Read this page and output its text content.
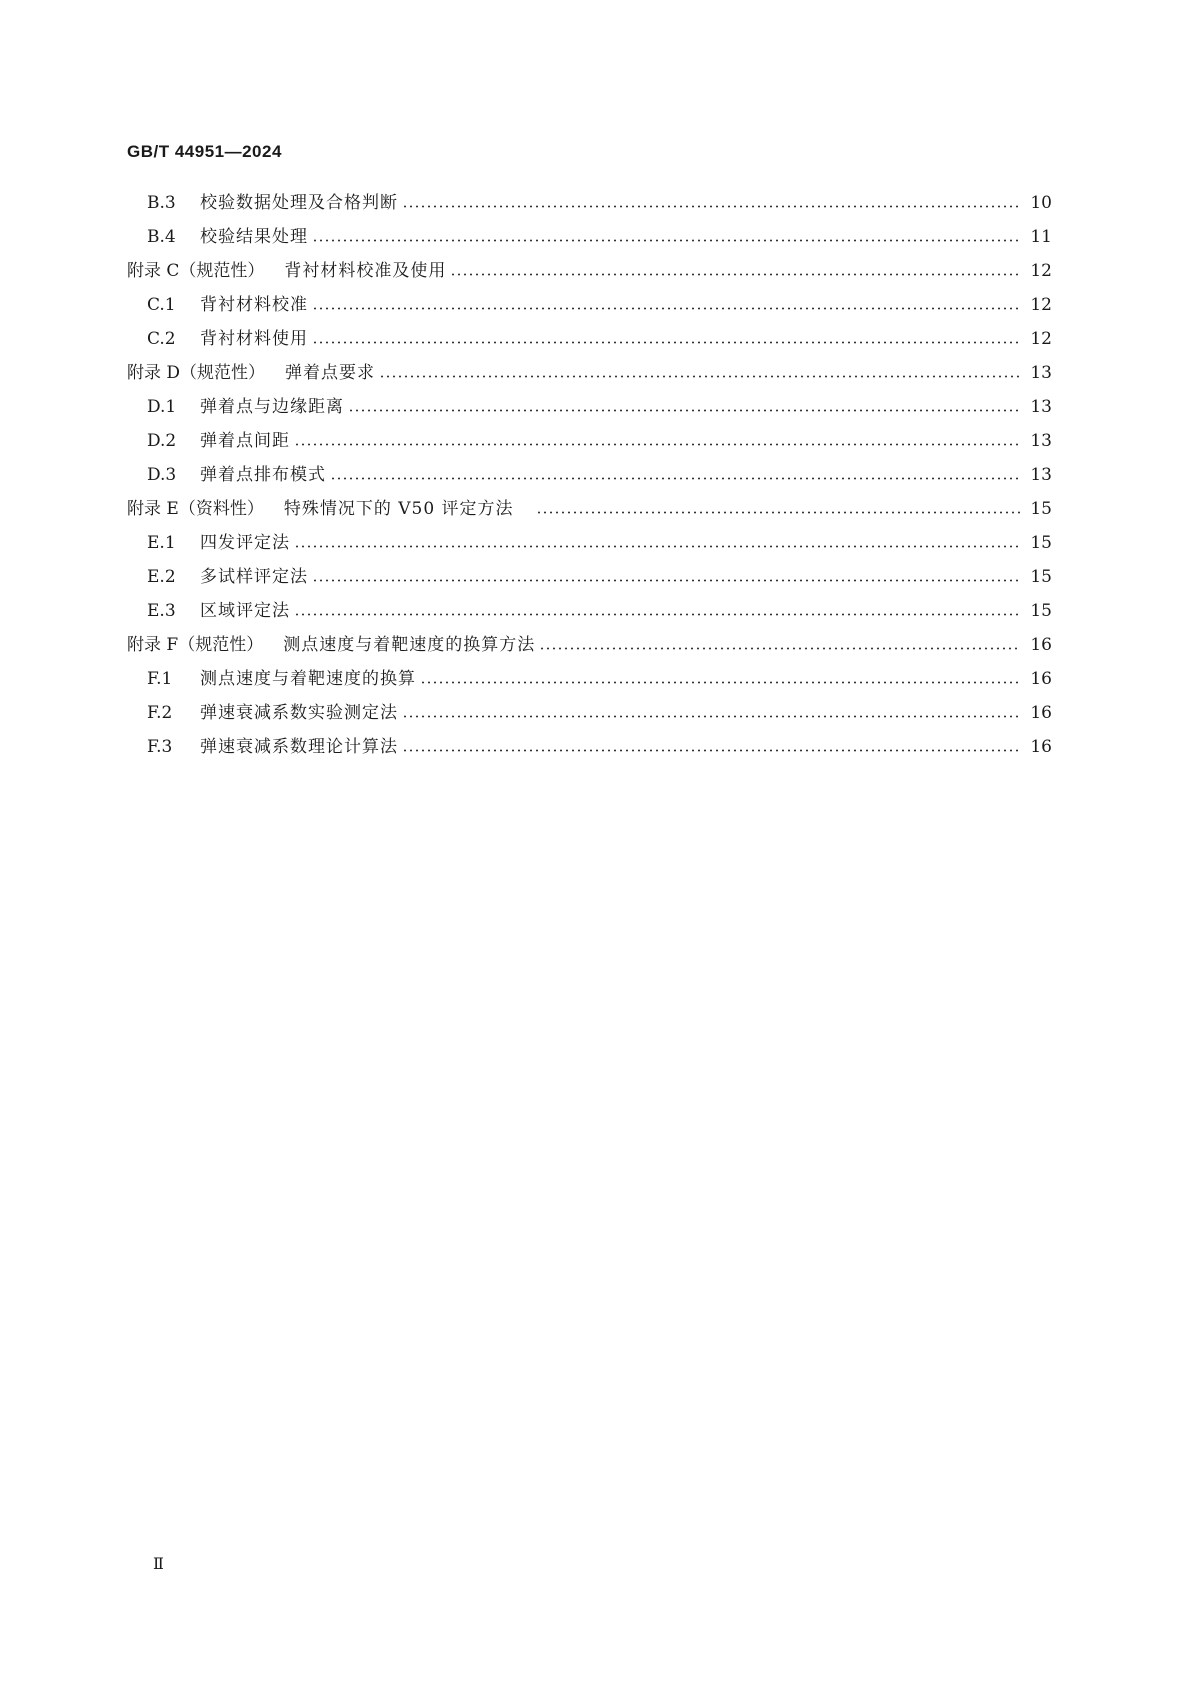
GB/T 44951—2024
B.3	校验数据处理及合格判断	10
B.4	校验结果处理	11
附录 C （规范性） 背衬材料校准及使用	12
C.1	背衬材料校准	12
C.2	背衬材料使用	12
附录 D （规范性） 弹着点要求	13
D.1	弹着点与边缘距离	13
D.2	弹着点间距	13
D.3	弹着点排布模式	13
附录 E （资料性） 特殊情况下的 V50 评定方法	15
E.1	四发评定法	15
E.2	多试样评定法	15
E.3	区域评定法	15
附录 F （规范性） 测点速度与着靶速度的换算方法	16
F.1	测点速度与着靶速度的换算	16
F.2	弹速衰减系数实验测定法	16
F.3	弹速衰减系数理论计算法	16
Ⅱ
